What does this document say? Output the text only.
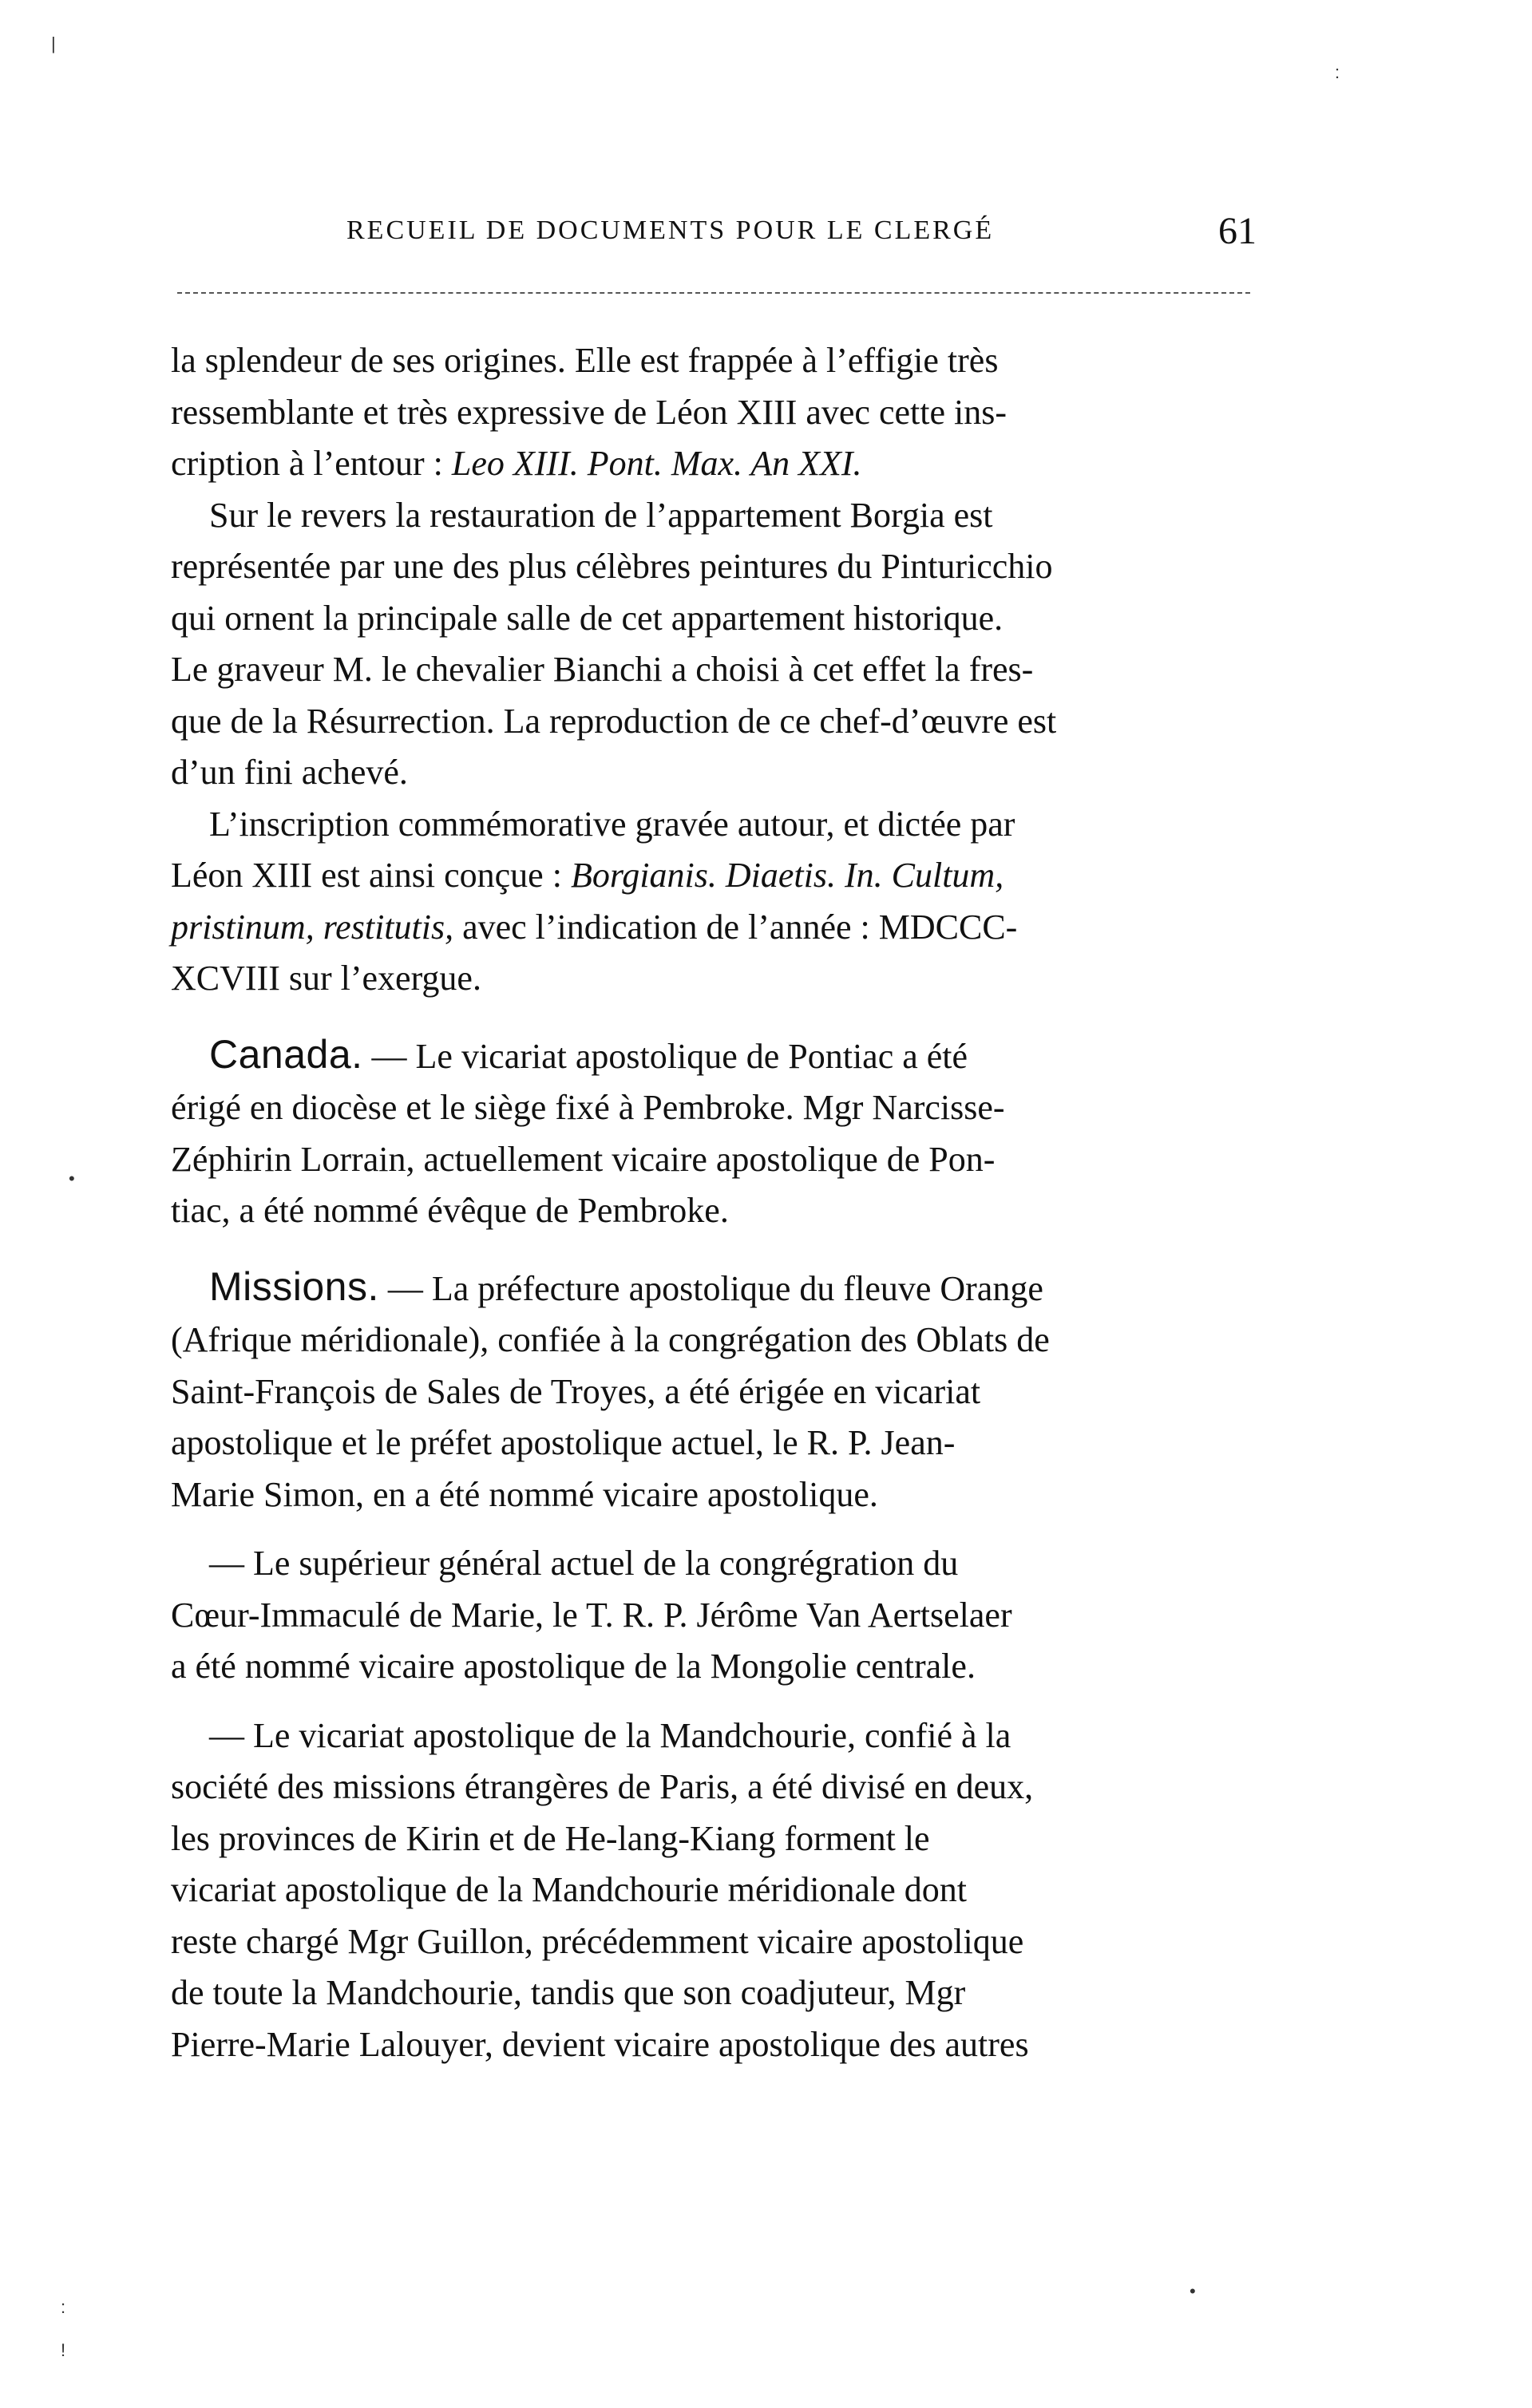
|
:
•
•
:
!
RECUEIL DE DOCUMENTS POUR LE CLERGÉ	61

la splendeur de ses origines. Elle est frappée à l’effigie très
ressemblante et très expressive de Léon XIII avec cette ins-
cription à l’entour : Leo XIII. Pont. Max. An XXI.

Sur le revers la restauration de l’appartement Borgia est
représentée par une des plus célèbres peintures du Pinturicchio
qui ornent la principale salle de cet appartement historique.
Le graveur M. le chevalier Bianchi a choisi à cet effet la fres-
que de la Résurrection. La reproduction de ce chef-d’œuvre est
d’un fini achevé.

L’inscription commémorative gravée autour, et dictée par
Léon XIII est ainsi conçue : Borgianis. Diaetis. In. Cultum,
pristinum, restitutis, avec l’indication de l’année : MDCCC-
XCVIII sur l’exergue.

Canada. — Le vicariat apostolique de Pontiac a été
érigé en diocèse et le siège fixé à Pembroke. Mgr Narcisse-
Zéphirin Lorrain, actuellement vicaire apostolique de Pon-
tiac, a été nommé évêque de Pembroke.

Missions. — La préfecture apostolique du fleuve Orange
(Afrique méridionale), confiée à la congrégation des Oblats de
Saint-François de Sales de Troyes, a été érigée en vicariat
apostolique et le préfet apostolique actuel, le R. P. Jean-
Marie Simon, en a été nommé vicaire apostolique.

— Le supérieur général actuel de la congrégration du
Cœur-Immaculé de Marie, le T. R. P. Jérôme Van Aertselaer
a été nommé vicaire apostolique de la Mongolie centrale.

— Le vicariat apostolique de la Mandchourie, confié à la
société des missions étrangères de Paris, a été divisé en deux,
les provinces de Kirin et de He-lang-Kiang forment le
vicariat apostolique de la Mandchourie méridionale dont
reste chargé Mgr Guillon, précédemment vicaire apostolique
de toute la Mandchourie, tandis que son coadjuteur, Mgr
Pierre-Marie Lalouyer, devient vicaire apostolique des autres
